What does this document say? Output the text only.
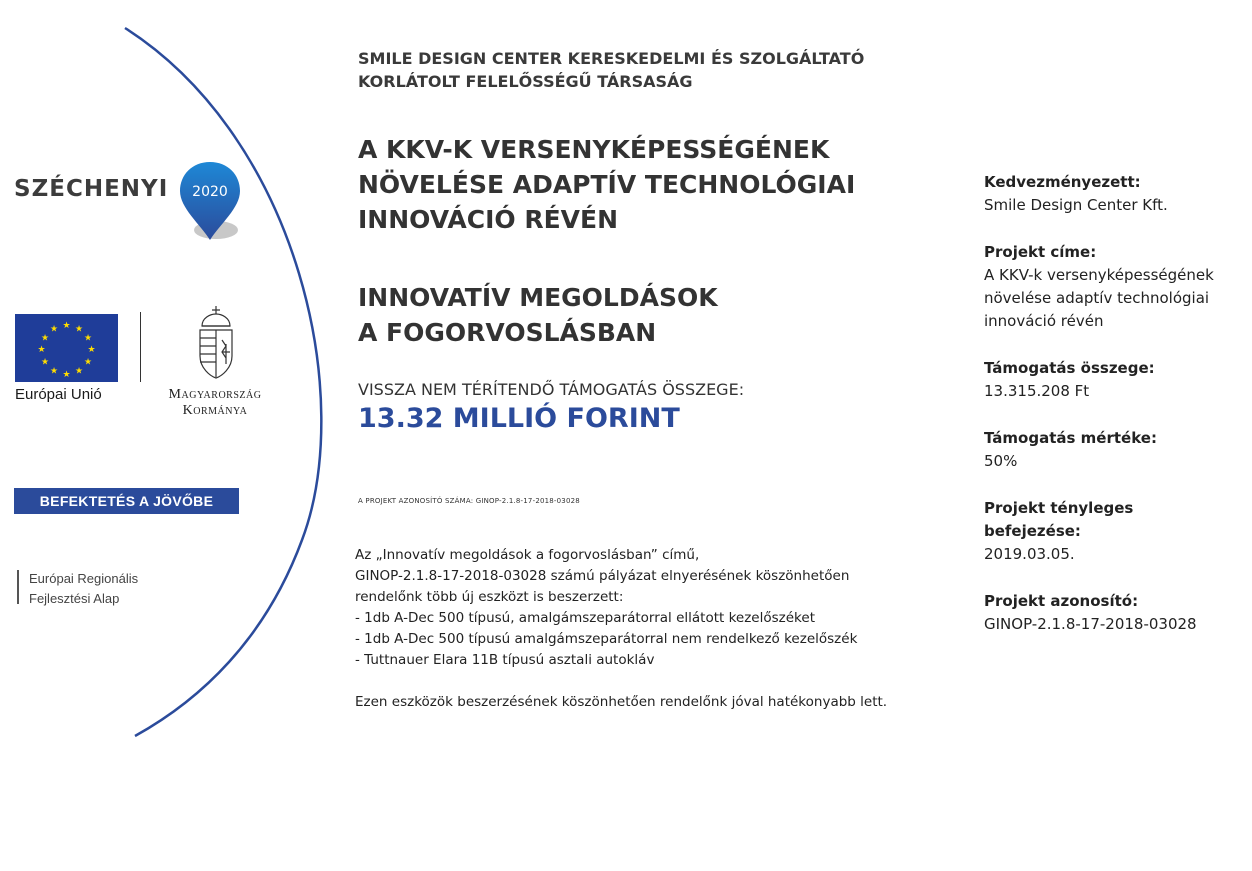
SZÉCHENYI 2020
★ ★
★
★
★
★
★
★
★
★
★
★
Európai Unió	Magyarország
Kormánya
BEFEKTETÉS A JÖVŐBE
Európai Regionális
Fejlesztési Alap
SMILE DESIGN CENTER KERESKEDELMI ÉS SZOLGÁLTATÓ
KORLÁTOLT FELELŐSSÉGŰ TÁRSASÁG
A KKV-K VERSENYKÉPESSÉGÉNEK
NÖVELÉSE ADAPTÍV TECHNOLÓGIAI
INNOVÁCIÓ RÉVÉN
INNOVATÍV MEGOLDÁSOK
A FOGORVOSLÁSBAN
VISSZA NEM TÉRÍTENDŐ TÁMOGATÁS ÖSSZEGE:
13.32 MILLIÓ FORINT
A PROJEKT AZONOSÍTÓ SZÁMA: GINOP-2.1.8-17-2018-03028
Az „Innovatív megoldások a fogorvoslásban” című,
GINOP-2.1.8-17-2018-03028 számú pályázat elnyerésének köszönhetően
rendelőnk több új eszközt is beszerzett:
- 1db A-Dec 500 típusú, amalgámszeparátorral ellátott kezelőszéket
- 1db A-Dec 500 típusú amalgámszeparátorral nem rendelkező kezelőszék
- Tuttnauer Elara 11B típusú asztali autokláv
Ezen eszközök beszerzésének köszönhetően rendelőnk jóval hatékonyabb lett.
Kedvezményezett:
Smile Design Center Kft.
Projekt címe:
A KKV-k versenyképességének
növelése adaptív technológiai
innováció révén
Támogatás összege:
13.315.208 Ft
Támogatás mértéke:
50%
Projekt tényleges
befejezése:
2019.03.05.
Projekt azonosító:
GINOP-2.1.8-17-2018-03028
